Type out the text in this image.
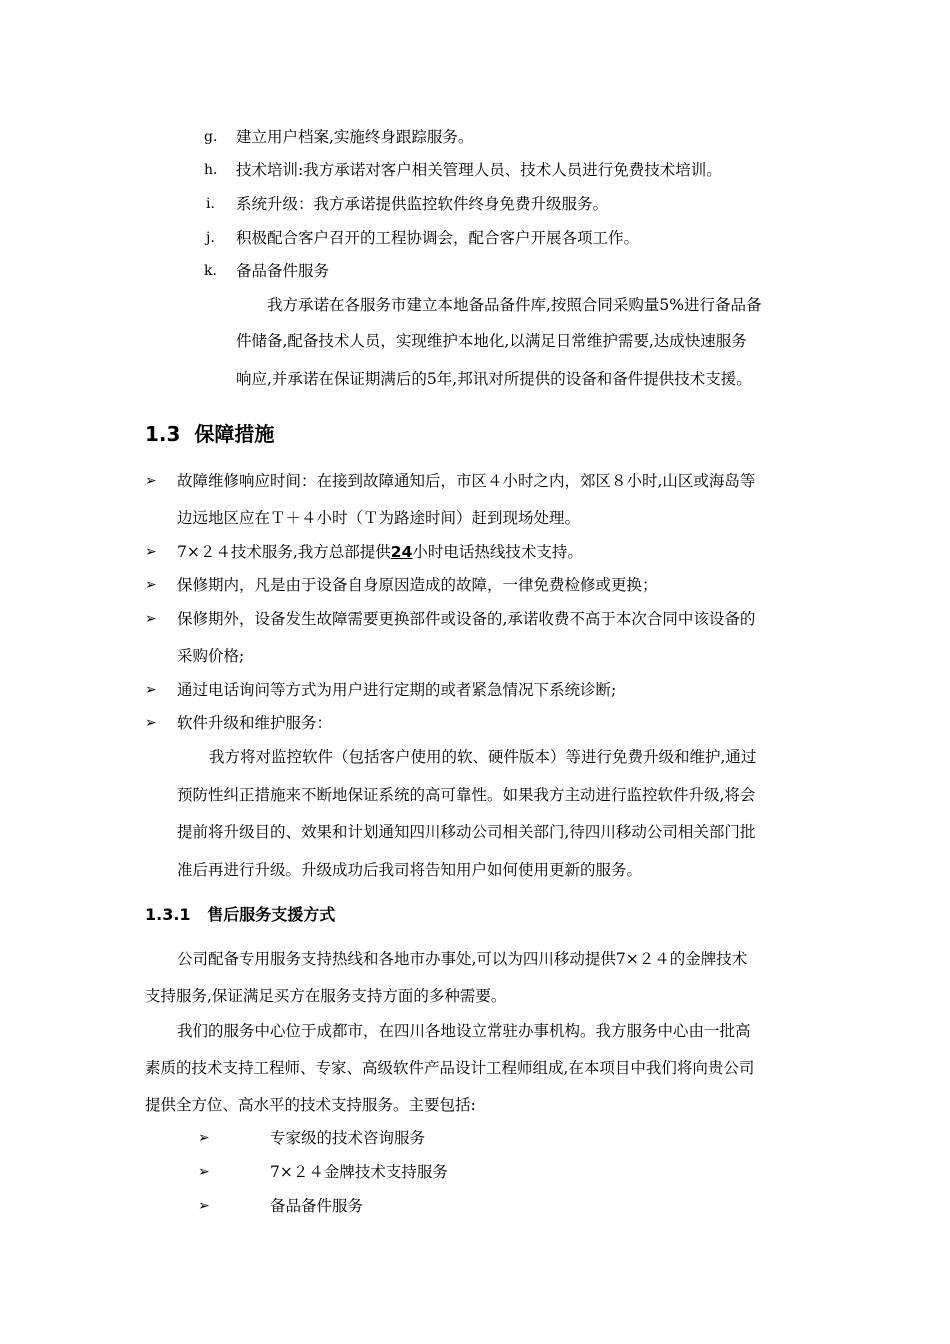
g. 建立用户档案,实施终身跟踪服务。
h. 技术培训:我方承诺对客户相关管理人员、技术人员进行免费技术培训。
i. 系统升级：我方承诺提供监控软件终身免费升级服务。
j. 积极配合客户召开的工程协调会，配合客户开展各项工作。
k. 备品备件服务
我方承诺在各服务市建立本地备品备件库,按照合同采购量5%进行备品备
件储备,配备技术人员，实现维护本地化,以满足日常维护需要,达成快速服务
响应,并承诺在保证期满后的5年,邦讯对所提供的设备和备件提供技术支援。
1.3 保障措施
➢ 故障维修响应时间：在接到故障通知后，市区４小时之内，郊区８小时,山区或海岛等
边远地区应在Ｔ＋４小时（Ｔ为路途时间）赶到现场处理。
➢ 7×２４技术服务,我方总部提供24小时电话热线技术支持。
➢ 保修期内，凡是由于设备自身原因造成的故障，一律免费检修或更换；
➢ 保修期外，设备发生故障需要更换部件或设备的,承诺收费不高于本次合同中该设备的
采购价格;
➢ 通过电话询问等方式为用户进行定期的或者紧急情况下系统诊断;
➢ 软件升级和维护服务：
我方将对监控软件（包括客户使用的软、硬件版本）等进行免费升级和维护,通过
预防性纠正措施来不断地保证系统的高可靠性。如果我方主动进行监控软件升级,将会
提前将升级目的、效果和计划通知四川移动公司相关部门,待四川移动公司相关部门批
准后再进行升级。升级成功后我司将告知用户如何使用更新的服务。
1.3.1 售后服务支援方式
公司配备专用服务支持热线和各地市办事处,可以为四川移动提供7×２４的金牌技术
支持服务,保证满足买方在服务支持方面的多种需要。
我们的服务中心位于成都市，在四川各地设立常驻办事机构。我方服务中心由一批高
素质的技术支持工程师、专家、高级软件产品设计工程师组成,在本项目中我们将向贵公司
提供全方位、高水平的技术支持服务。主要包括:
➢	专家级的技术咨询服务
➢	7×２４金牌技术支持服务
➢	备品备件服务
